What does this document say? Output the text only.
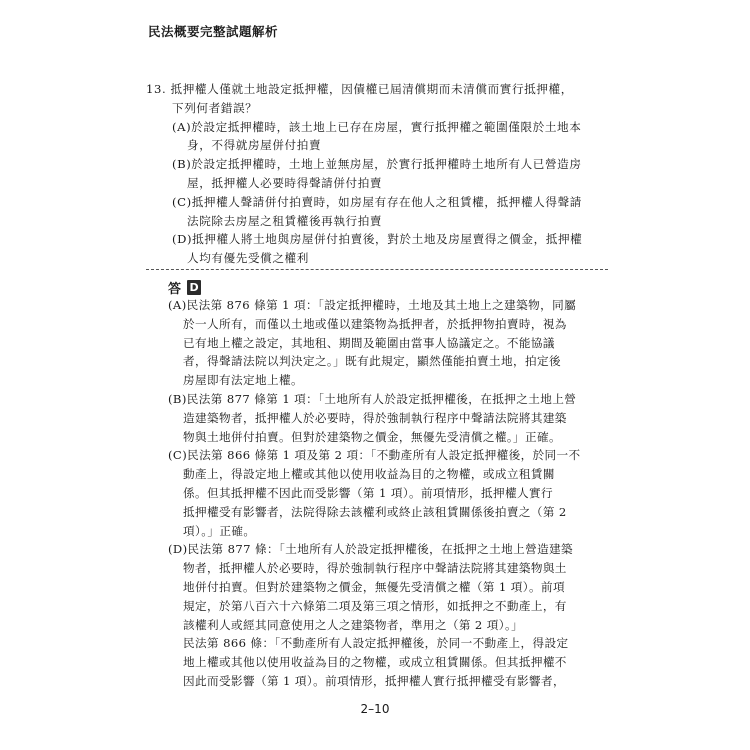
民法概要完整試題解析
13. 抵押權人僅就土地設定抵押權，因債權已屆清償期而未清償而實行抵押權，
下列何者錯誤？
(A)於設定抵押權時，該土地上已存在房屋，實行抵押權之範圍僅限於土地本
身，不得就房屋併付拍賣
(B)於設定抵押權時，土地上並無房屋，於實行抵押權時土地所有人已營造房
屋，抵押權人必要時得聲請併付拍賣
(C)抵押權人聲請併付拍賣時，如房屋有存在他人之租賃權，抵押權人得聲請
法院除去房屋之租賃權後再執行拍賣
(D)抵押權人將土地與房屋併付拍賣後，對於土地及房屋賣得之價金，抵押權
人均有優先受償之權利
答 D
(A)民法第 876 條第 1 項：「設定抵押權時，土地及其土地上之建築物，同屬
於一人所有，而僅以土地或僅以建築物為抵押者，於抵押物拍賣時，視為
已有地上權之設定，其地租、期間及範圍由當事人協議定之。不能協議
者，得聲請法院以判決定之。」既有此規定，顯然僅能拍賣土地，拍定後
房屋即有法定地上權。
(B)民法第 877 條第 1 項：「土地所有人於設定抵押權後，在抵押之土地上營
造建築物者，抵押權人於必要時，得於強制執行程序中聲請法院將其建築
物與土地併付拍賣。但對於建築物之價金，無優先受清償之權。」正確。
(C)民法第 866 條第 1 項及第 2 項：「不動產所有人設定抵押權後，於同一不
動產上，得設定地上權或其他以使用收益為目的之物權，或成立租賃關
係。但其抵押權不因此而受影響（第 1 項）。前項情形，抵押權人實行
抵押權受有影響者，法院得除去該權利或終止該租賃關係後拍賣之（第 2
項）。」正確。
(D)民法第 877 條：「土地所有人於設定抵押權後，在抵押之土地上營造建築
物者，抵押權人於必要時，得於強制執行程序中聲請法院將其建築物與土
地併付拍賣。但對於建築物之價金，無優先受清償之權（第 1 項）。前項
規定，於第八百六十六條第二項及第三項之情形，如抵押之不動產上，有
該權利人或經其同意使用之人之建築物者，準用之（第 2 項）。」
民法第 866 條：「不動產所有人設定抵押權後，於同一不動產上，得設定
地上權或其他以使用收益為目的之物權，或成立租賃關係。但其抵押權不
因此而受影響（第 1 項）。前項情形，抵押權人實行抵押權受有影響者，
2–10
